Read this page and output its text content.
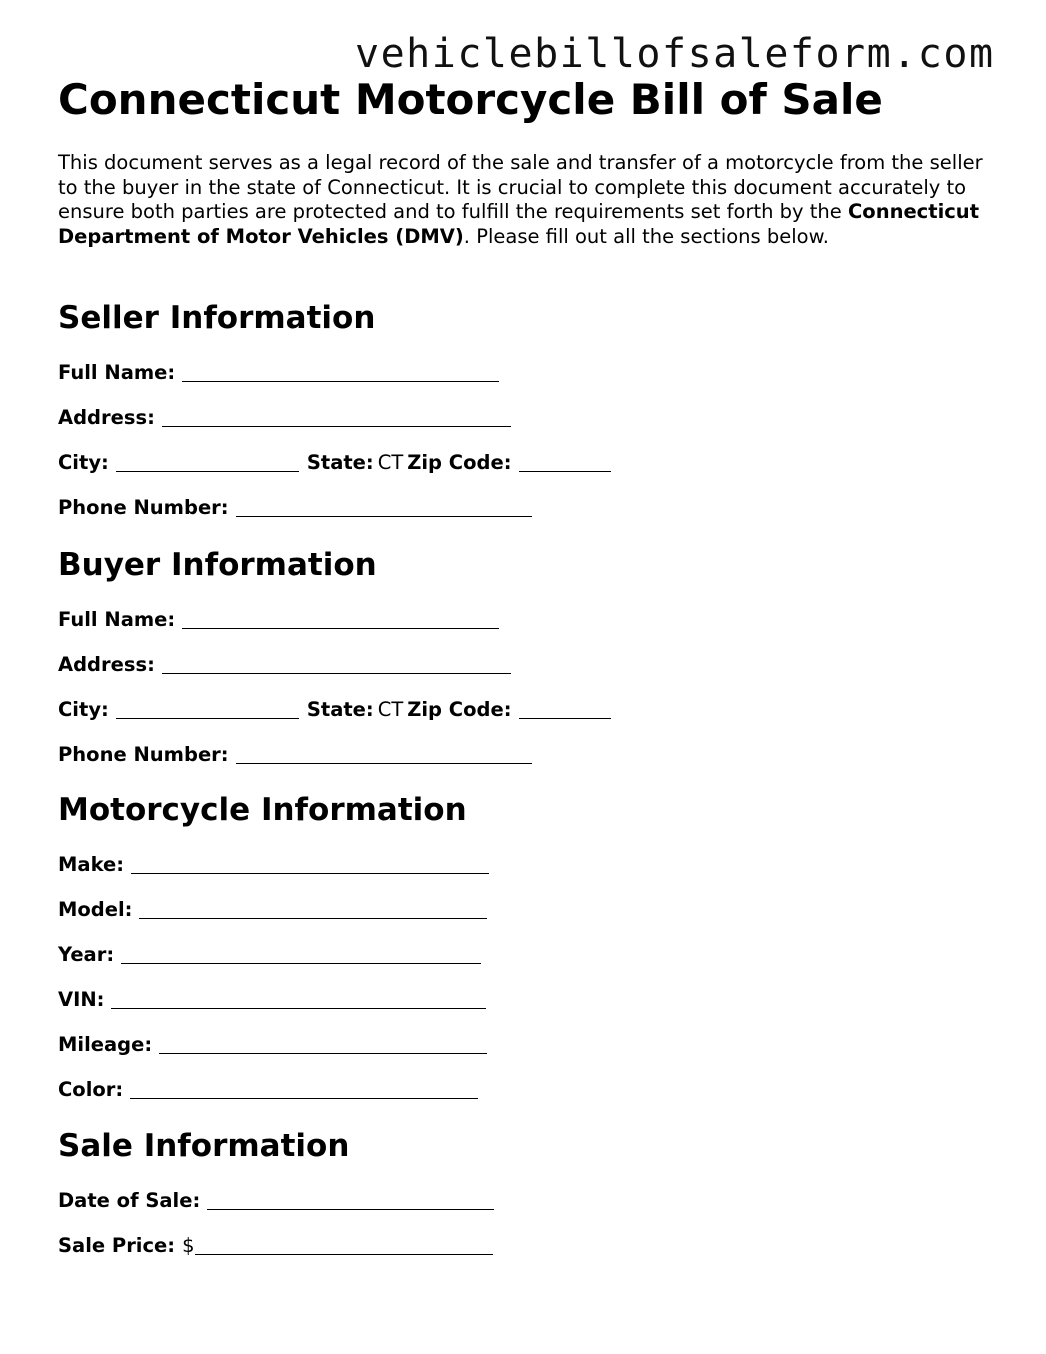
vehiclebillofsaleform.com
Connecticut Motorcycle Bill of Sale

This document serves as a legal record of the sale and transfer of a motorcycle from the seller to the buyer in the state of Connecticut. It is crucial to complete this document accurately to ensure both parties are protected and to fulfill the requirements set forth by the Connecticut Department of Motor Vehicles (DMV). Please fill out all the sections below.

Seller Information
Full Name:
Address:
City:	State: CT Zip Code:
Phone Number:
Buyer Information
Full Name:
Address:
City:	State: CT Zip Code:
Phone Number:
Motorcycle Information
Make:
Model:
Year:
VIN:
Mileage:
Color:
Sale Information
Date of Sale:
Sale Price: $
